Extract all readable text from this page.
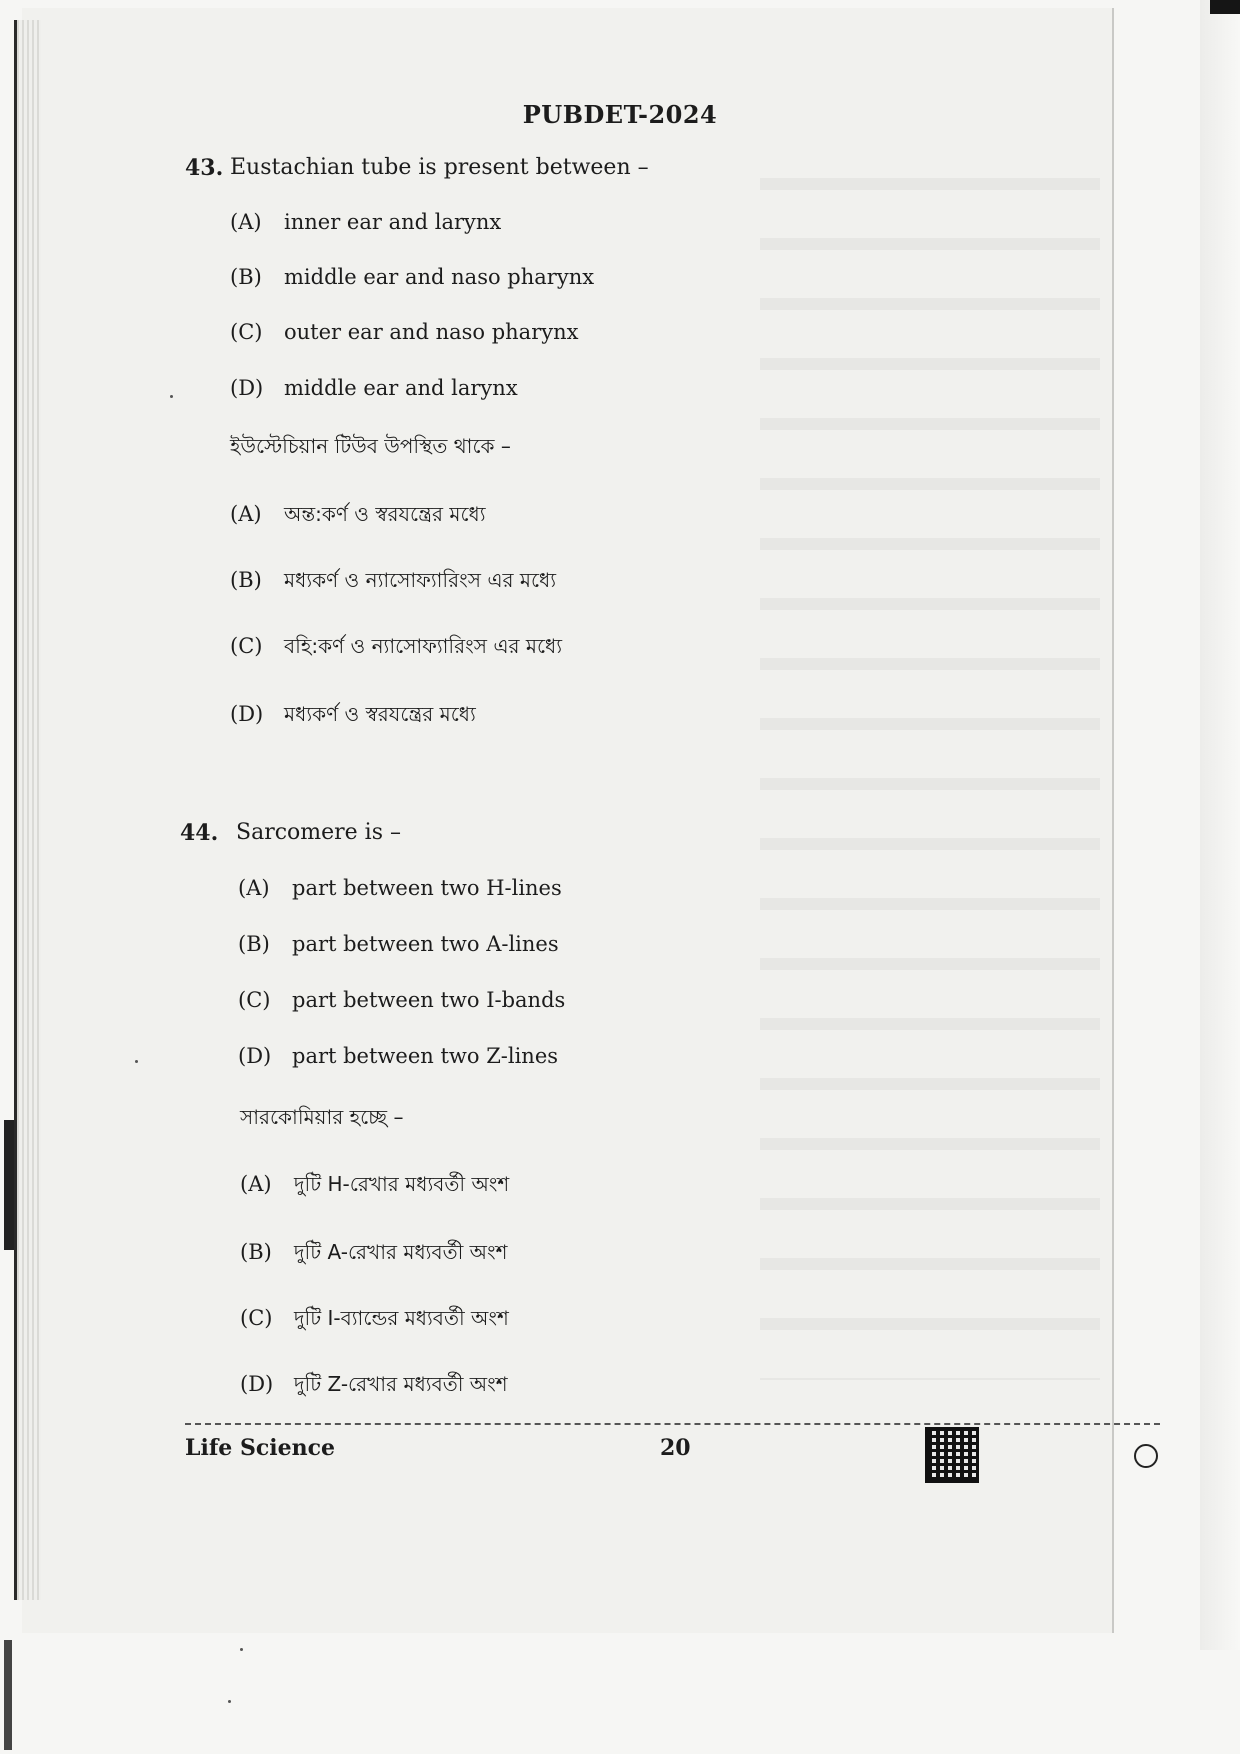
PUBDET-2024
43. Eustachian tube is present between –
(A) inner ear and larynx
(B) middle ear and naso pharynx
(C) outer ear and naso pharynx
(D) middle ear and larynx
ইউস্টেচিয়ান টিউব উপস্থিত থাকে –
(A) অন্ত:কর্ণ ও স্বরযন্ত্রের মধ্যে
(B) মধ্যকর্ণ ও ন্যাসোফ্যারিংস এর মধ্যে
(C) বহি:কর্ণ ও ন্যাসোফ্যারিংস এর মধ্যে
(D) মধ্যকর্ণ ও স্বরযন্ত্রের মধ্যে
44. Sarcomere is –
(A) part between two H-lines
(B) part between two A-lines
(C) part between two I-bands
(D) part between two Z-lines
সারকোমিয়ার হচ্ছে –
(A) দুটি H-রেখার মধ্যবর্তী অংশ
(B) দুটি A-রেখার মধ্যবর্তী অংশ
(C) দুটি I-ব্যান্ডের মধ্যবর্তী অংশ
(D) দুটি Z-রেখার মধ্যবর্তী অংশ
Life Science	20
